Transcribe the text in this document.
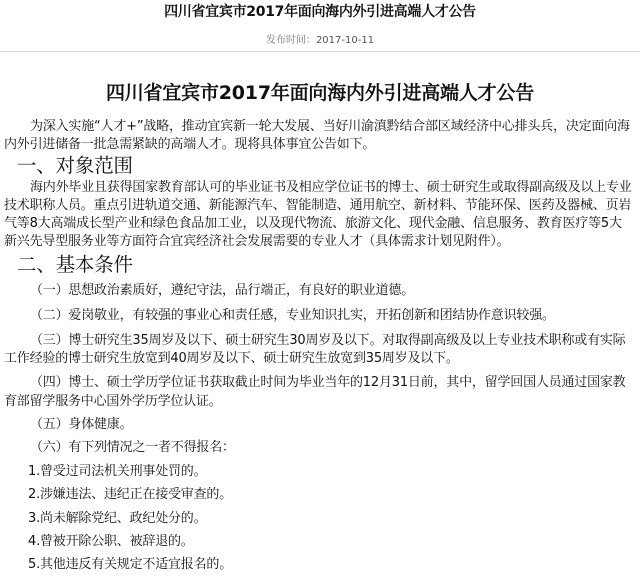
四川省宜宾市2017年面向海内外引进高端人才公告
发布时间：2017-10-11
四川省宜宾市2017年面向海内外引进高端人才公告

为深入实施“人才+”战略，推动宜宾新一轮大发展、当好川渝滇黔结合部区域经济中心排头兵，决定面向海内外引进储备一批急需紧缺的高端人才。现将具体事宜公告如下。

一、对象范围

海内外毕业且获得国家教育部认可的毕业证书及相应学位证书的博士、硕士研究生或取得副高级及以上专业技术职称人员。重点引进轨道交通、新能源汽车、智能制造、通用航空、新材料、节能环保、医药及器械、页岩气等8大高端成长型产业和绿色食品加工业，以及现代物流、旅游文化、现代金融、信息服务、教育医疗等5大新兴先导型服务业等方面符合宜宾经济社会发展需要的专业人才（具体需求计划见附件）。

二、基本条件

（一）思想政治素质好，遵纪守法，品行端正，有良好的职业道德。

（二）爱岗敬业，有较强的事业心和责任感，专业知识扎实，开拓创新和团结协作意识较强。

（三）博士研究生35周岁及以下、硕士研究生30周岁及以下。对取得副高级及以上专业技术职称或有实际工作经验的博士研究生放宽到40周岁及以下、硕士研究生放宽到35周岁及以下。

（四）博士、硕士学历学位证书获取截止时间为毕业当年的12月31日前，其中，留学回国人员通过国家教育部留学服务中心国外学历学位认证。

（五）身体健康。

（六）有下列情况之一者不得报名：

1.曾受过司法机关刑事处罚的。
2.涉嫌违法、违纪正在接受审查的。
3.尚未解除党纪、政纪处分的。
4.曾被开除公职、被辞退的。
5.其他违反有关规定不适宜报名的。
